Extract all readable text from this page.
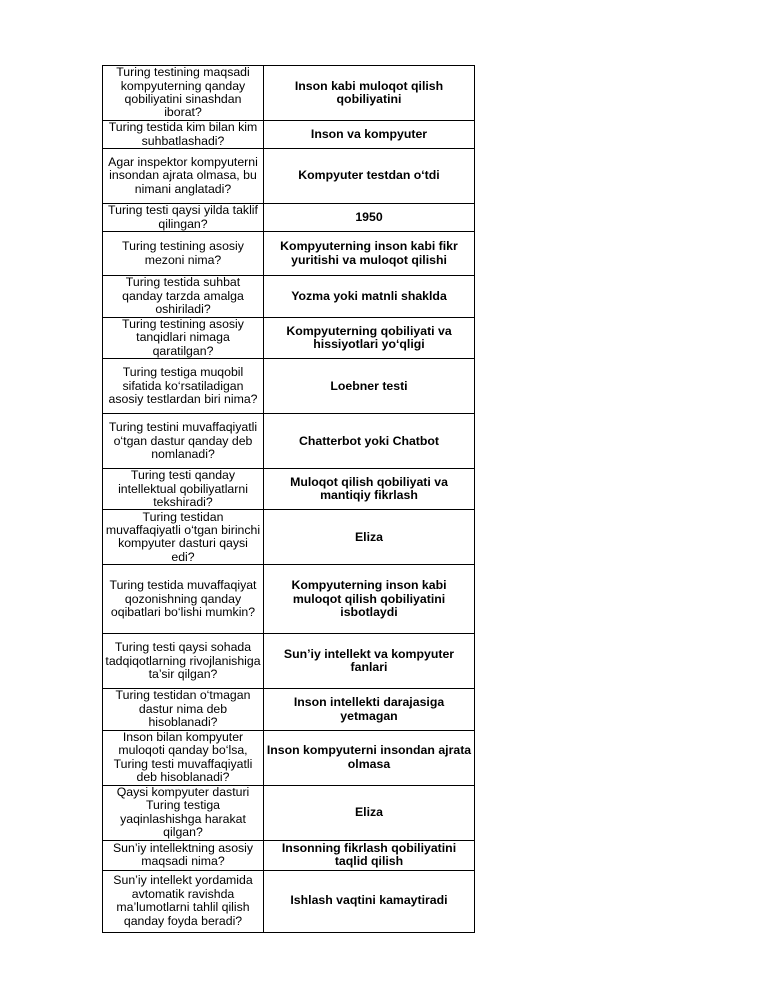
Turing testining maqsadi kompyuterning qanday qobiliyatini sinashdan iborat?	Inson kabi muloqot qilish qobiliyatini
Turing testida kim bilan kim suhbatlashadi?	Inson va kompyuter
Agar inspektor kompyuterni insondan ajrata olmasa, bu nimani anglatadi?	Kompyuter testdan o‘tdi
Turing testi qaysi yilda taklif qilingan?	1950
Turing testining asosiy mezoni nima?	Kompyuterning inson kabi fikr yuritishi va muloqot qilishi
Turing testida suhbat qanday tarzda amalga oshiriladi?	Yozma yoki matnli shaklda
Turing testining asosiy tanqidlari nimaga qaratilgan?	Kompyuterning qobiliyati va hissiyotlari yo‘qligi
Turing testiga muqobil sifatida ko‘rsatiladigan asosiy testlardan biri nima?	Loebner testi
Turing testini muvaffaqiyatli o‘tgan dastur qanday deb nomlanadi?	Chatterbot yoki Chatbot
Turing testi qanday intellektual qobiliyatlarni tekshiradi?	Muloqot qilish qobiliyati va mantiqiy fikrlash
Turing testidan muvaffaqiyatli o‘tgan birinchi kompyuter dasturi qaysi edi?	Eliza
Turing testida muvaffaqiyat qozonishning qanday oqibatlari bo‘lishi mumkin?	Kompyuterning inson kabi muloqot qilish qobiliyatini isbotlaydi
Turing testi qaysi sohada tadqiqotlarning rivojlanishiga ta’sir qilgan?	Sun’iy intellekt va kompyuter fanlari
Turing testidan o‘tmagan dastur nima deb hisoblanadi?	Inson intellekti darajasiga yetmagan
Inson bilan kompyuter muloqoti qanday bo‘lsa, Turing testi muvaffaqiyatli deb hisoblanadi?	Inson kompyuterni insondan ajrata olmasa
Qaysi kompyuter dasturi Turing testiga yaqinlashishga harakat qilgan?	Eliza
Sun’iy intellektning asosiy maqsadi nima?	Insonning fikrlash qobiliyatini taqlid qilish
Sun’iy intellekt yordamida avtomatik ravishda ma’lumotlarni tahlil qilish qanday foyda beradi?	Ishlash vaqtini kamaytiradi
